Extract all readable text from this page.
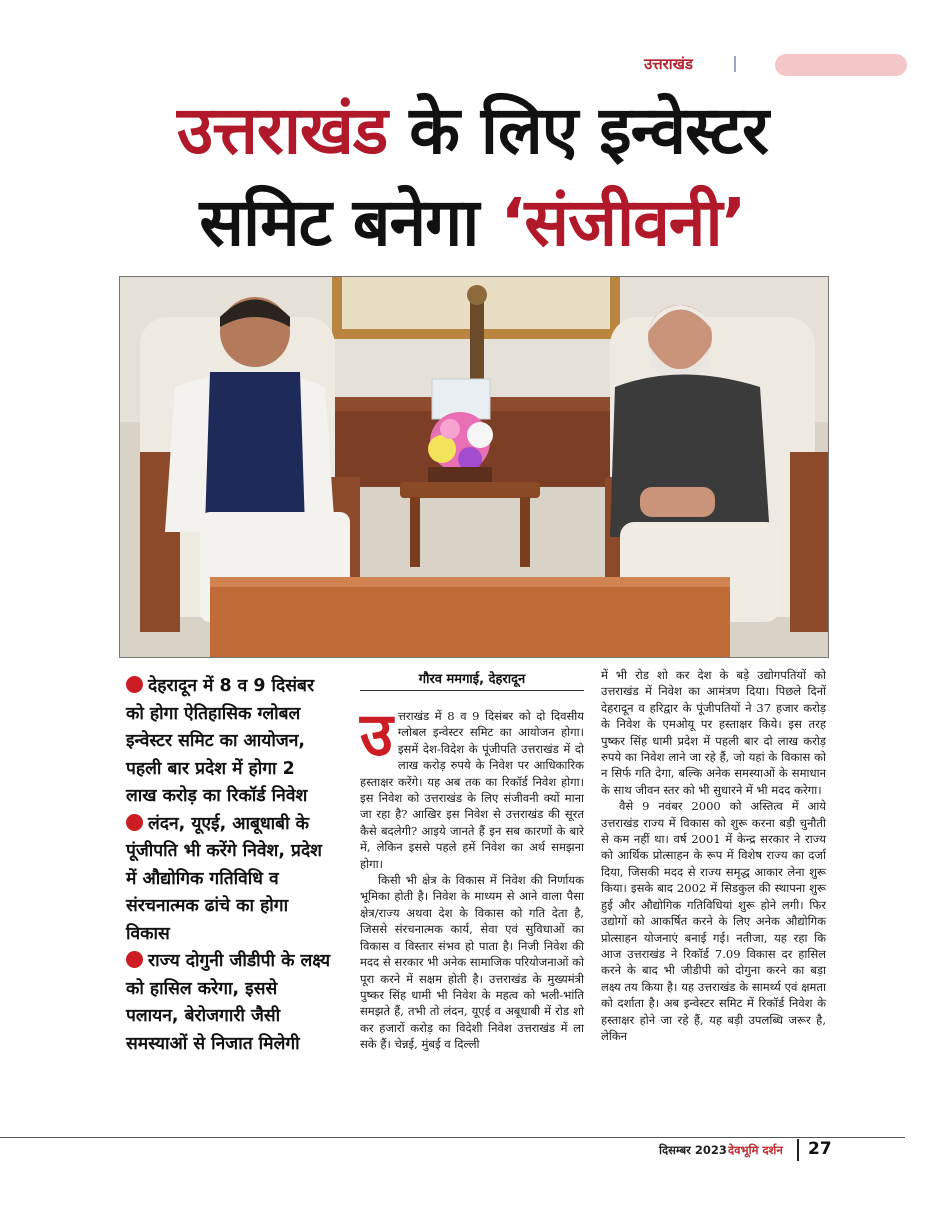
उत्तराखंड
उत्तराखंड के लिए इन्वेस्टर
समिट बनेगा ‘संजीवनी’
देहरादून में 8 व 9 दिसंबर को होगा ऐतिहासिक ग्लोबल इन्वेस्टर समिट का आयोजन, पहली बार प्रदेश में होगा 2 लाख करोड़ का रिकॉर्ड निवेश
लंदन, यूएई, आबूधाबी के पूंजीपति भी करेंगे निवेश, प्रदेश में औद्योगिक गतिविधि व संरचनात्मक ढांचे का होगा विकास
राज्य दोगुनी जीडीपी के लक्ष्य को हासिल करेगा, इससे पलायन, बेरोजगारी जैसी समस्याओं से निजात मिलेगी
गौरव ममगाई, देहरादून

उत्तराखंड में 8 व 9 दिसंबर को दो दिवसीय ग्लोबल इन्वेस्टर समिट का आयोजन होगा। इसमें देश-विदेश के पूंजीपति उत्तराखंड में दो लाख करोड़ रुपये के निवेश पर आधिकारिक हस्ताक्षर करेंगे। यह अब तक का रिकॉर्ड निवेश होगा। इस निवेश को उत्तराखंड के लिए संजीवनी क्यों माना जा रहा है? आखिर इस निवेश से उत्तराखंड की सूरत कैसे बदलेगी? आइये जानते हैं इन सब कारणों के बारे में, लेकिन इससे पहले हमें निवेश का अर्थ समझना होगा।

किसी भी क्षेत्र के विकास में निवेश की निर्णायक भूमिका होती है। निवेश के माध्यम से आने वाला पैसा क्षेत्र/राज्य अथवा देश के विकास को गति देता है, जिससे संरचनात्मक कार्य, सेवा एवं सुविधाओं का विकास व विस्तार संभव हो पाता है। निजी निवेश की मदद से सरकार भी अनेक सामाजिक परियोजनाओं को पूरा करने में सक्षम होती है। उत्तराखंड के मुख्यमंत्री पुष्कर सिंह धामी भी निवेश के महत्व को भली-भांति समझते हैं, तभी तो लंदन, यूएई व अबूधाबी में रोड शो कर हजारों करोड़ का विदेशी निवेश उत्तराखंड में ला सके हैं। चेन्नई, मुंबई व दिल्ली

में भी रोड शो कर देश के बड़े उद्योगपतियों को उत्तराखंड में निवेश का आमंत्रण दिया। पिछले दिनों देहरादून व हरिद्वार के पूंजीपतियों ने 37 हजार करोड़ के निवेश के एमओयू पर हस्ताक्षर किये। इस तरह पुष्कर सिंह धामी प्रदेश में पहली बार दो लाख करोड़ रुपये का निवेश लाने जा रहे हैं, जो यहां के विकास को न सिर्फ गति देगा, बल्कि अनेक समस्याओं के समाधान के साथ जीवन स्तर को भी सुधारने में भी मदद करेगा।

वैसे 9 नवंबर 2000 को अस्तित्व में आये उत्तराखंड राज्य में विकास को शुरू करना बड़ी चुनौती से कम नहीं था। वर्ष 2001 में केन्द्र सरकार ने राज्य को आर्थिक प्रोत्साहन के रूप में विशेष राज्य का दर्जा दिया, जिसकी मदद से राज्य समृद्ध आकार लेना शुरू किया। इसके बाद 2002 में सिडकुल की स्थापना शुरू हुई और औद्योगिक गतिविधियां शुरू होने लगी। फिर उद्योगों को आकर्षित करने के लिए अनेक औद्योगिक प्रोत्साहन योजनाएं बनाई गई। नतीजा, यह रहा कि आज उत्तराखंड ने रिकॉर्ड 7.09 विकास दर हासिल करने के बाद भी जीडीपी को दोगुना करने का बड़ा लक्ष्य तय किया है। यह उत्तराखंड के सामर्थ्य एवं क्षमता को दर्शाता है। अब इन्वेस्टर समिट में रिकॉर्ड निवेश के हस्ताक्षर होने जा रहे हैं, यह बड़ी उपलब्धि जरूर है, लेकिन

दिसम्बर 2023 देवभूमि दर्शन 27
